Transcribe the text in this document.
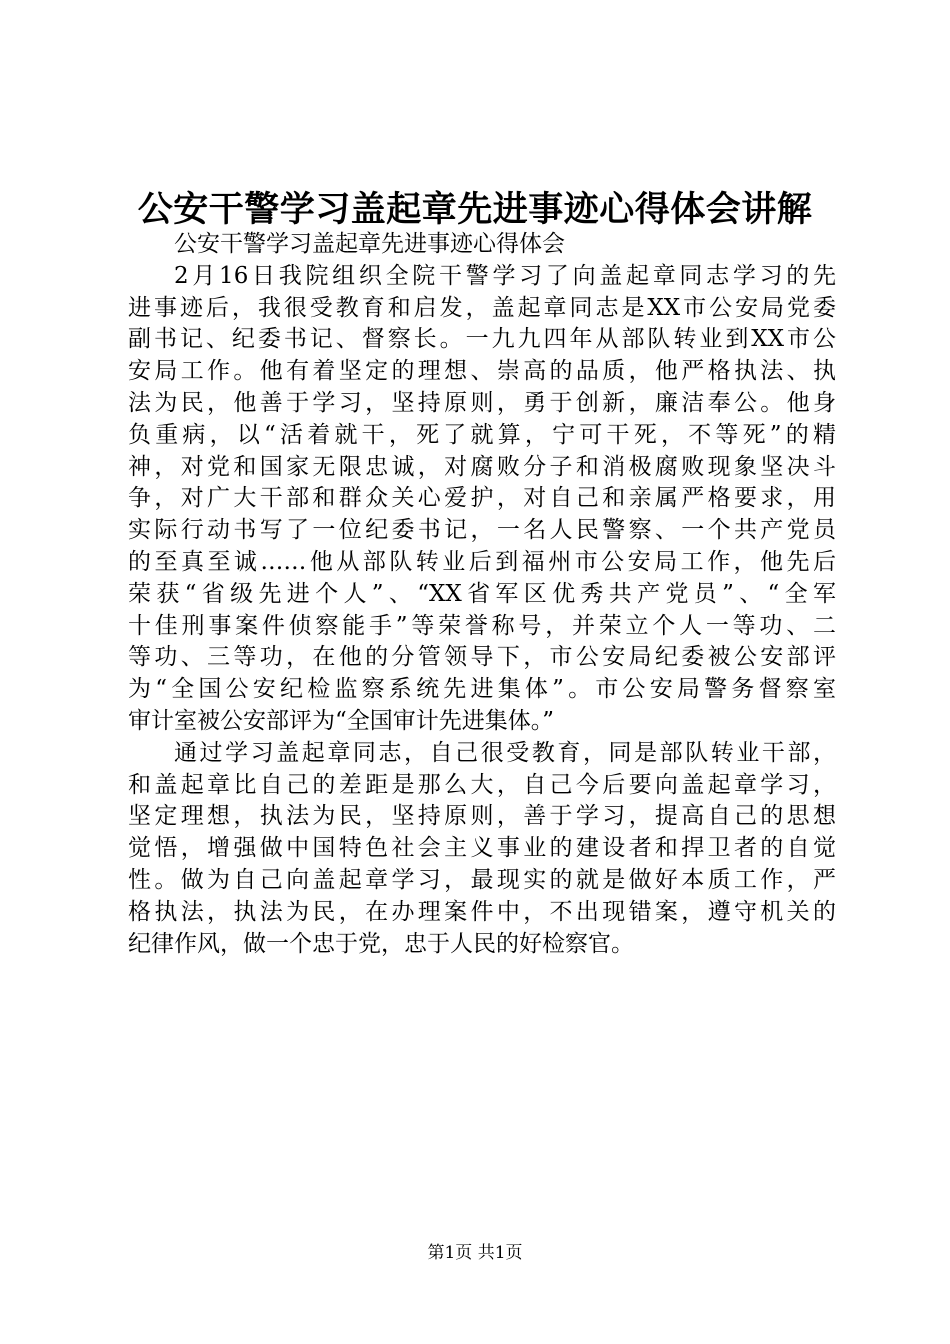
公安干警学习盖起章先进事迹心得体会讲解
公安干警学习盖起章先进事迹心得体会
2月16日我院组织全院干警学习了向盖起章同志学习的先
进事迹后，我很受教育和启发，盖起章同志是XX市公安局党委
副书记、纪委书记、督察长。一九九四年从部队转业到XX市公
安局工作。他有着坚定的理想、崇高的品质，他严格执法、执
法为民，他善于学习，坚持原则，勇于创新，廉洁奉公。他身
负重病，以“活着就干，死了就算，宁可干死，不等死”的精
神，对党和国家无限忠诚，对腐败分子和消极腐败现象坚决斗
争，对广大干部和群众关心爱护，对自己和亲属严格要求，用
实际行动书写了一位纪委书记，一名人民警察、一个共产党员
的至真至诚……他从部队转业后到福州市公安局工作，他先后
荣获“省级先进个人”、“XX省军区优秀共产党员”、“全军
十佳刑事案件侦察能手”等荣誉称号，并荣立个人一等功、二
等功、三等功，在他的分管领导下，市公安局纪委被公安部评
为“全国公安纪检监察系统先进集体”。市公安局警务督察室
审计室被公安部评为“全国审计先进集体。”
通过学习盖起章同志，自己很受教育，同是部队转业干部，
和盖起章比自己的差距是那么大，自己今后要向盖起章学习，
坚定理想，执法为民，坚持原则，善于学习，提高自己的思想
觉悟，增强做中国特色社会主义事业的建设者和捍卫者的自觉
性。做为自己向盖起章学习，最现实的就是做好本质工作，严
格执法，执法为民，在办理案件中，不出现错案，遵守机关的
纪律作风，做一个忠于党，忠于人民的好检察官。
第1页 共1页
